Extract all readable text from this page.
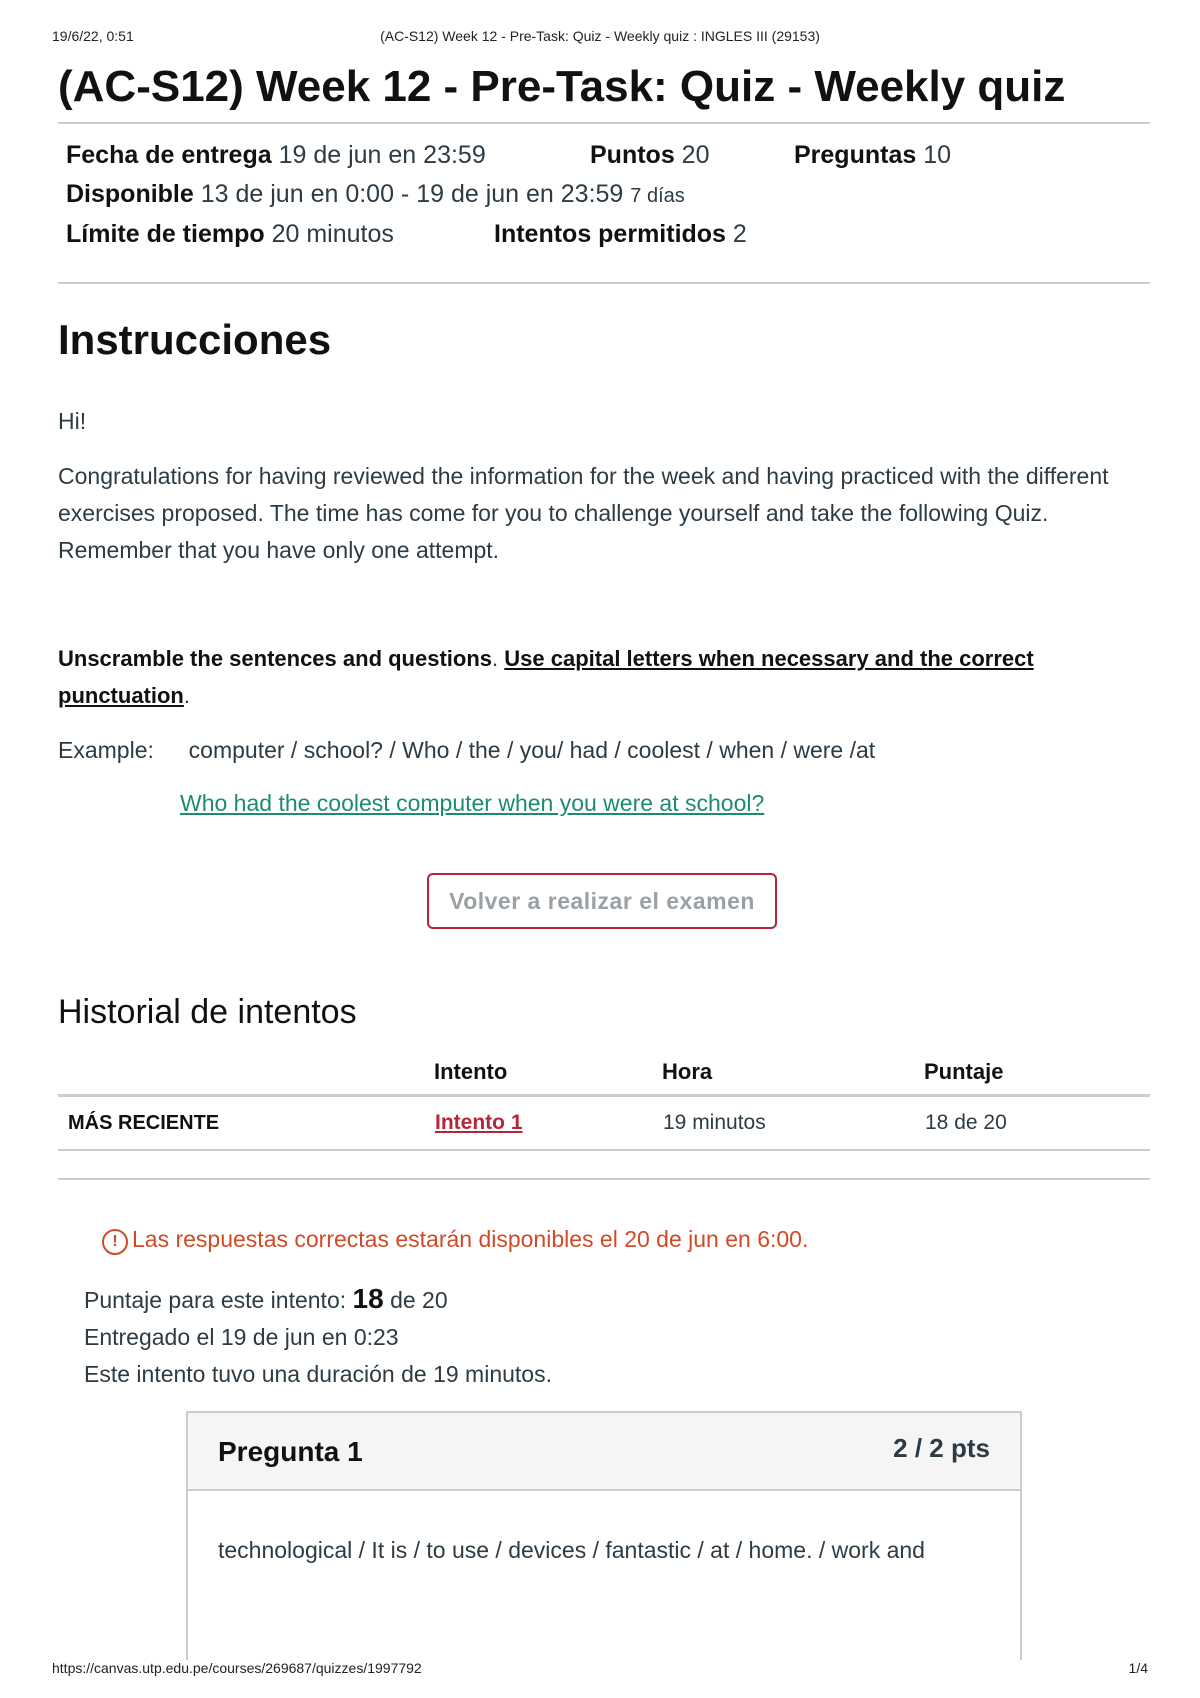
19/6/22, 0:51	(AC-S12) Week 12 - Pre-Task: Quiz - Weekly quiz : INGLES III (29153)
(AC-S12) Week 12 - Pre-Task: Quiz - Weekly quiz
Fecha de entrega 19 de jun en 23:59	Puntos 20	Preguntas 10
Disponible 13 de jun en 0:00 - 19 de jun en 23:59 7 días
Límite de tiempo 20 minutos	Intentos permitidos 2
Instrucciones
Hi!
Congratulations for having reviewed the information for the week and having practiced with the different exercises proposed. The time has come for you to challenge yourself and take the following Quiz. Remember that you have only one attempt.
Unscramble the sentences and questions. Use capital letters when necessary and the correct punctuation.
Example: computer / school? / Who / the / you/ had / coolest / when / were /at
Who had the coolest computer when you were at school?
Volver a realizar el examen
Historial de intentos
	Intento	Hora	Puntaje
MÁS RECIENTE	Intento 1	19 minutos	18 de 20
! Las respuestas correctas estarán disponibles el 20 de jun en 6:00.
Puntaje para este intento: 18 de 20
Entregado el 19 de jun en 0:23
Este intento tuvo una duración de 19 minutos.
Pregunta 1	2 / 2 pts
technological / It is / to use / devices / fantastic / at / home. / work and
https://canvas.utp.edu.pe/courses/269687/quizzes/1997792	1/4
